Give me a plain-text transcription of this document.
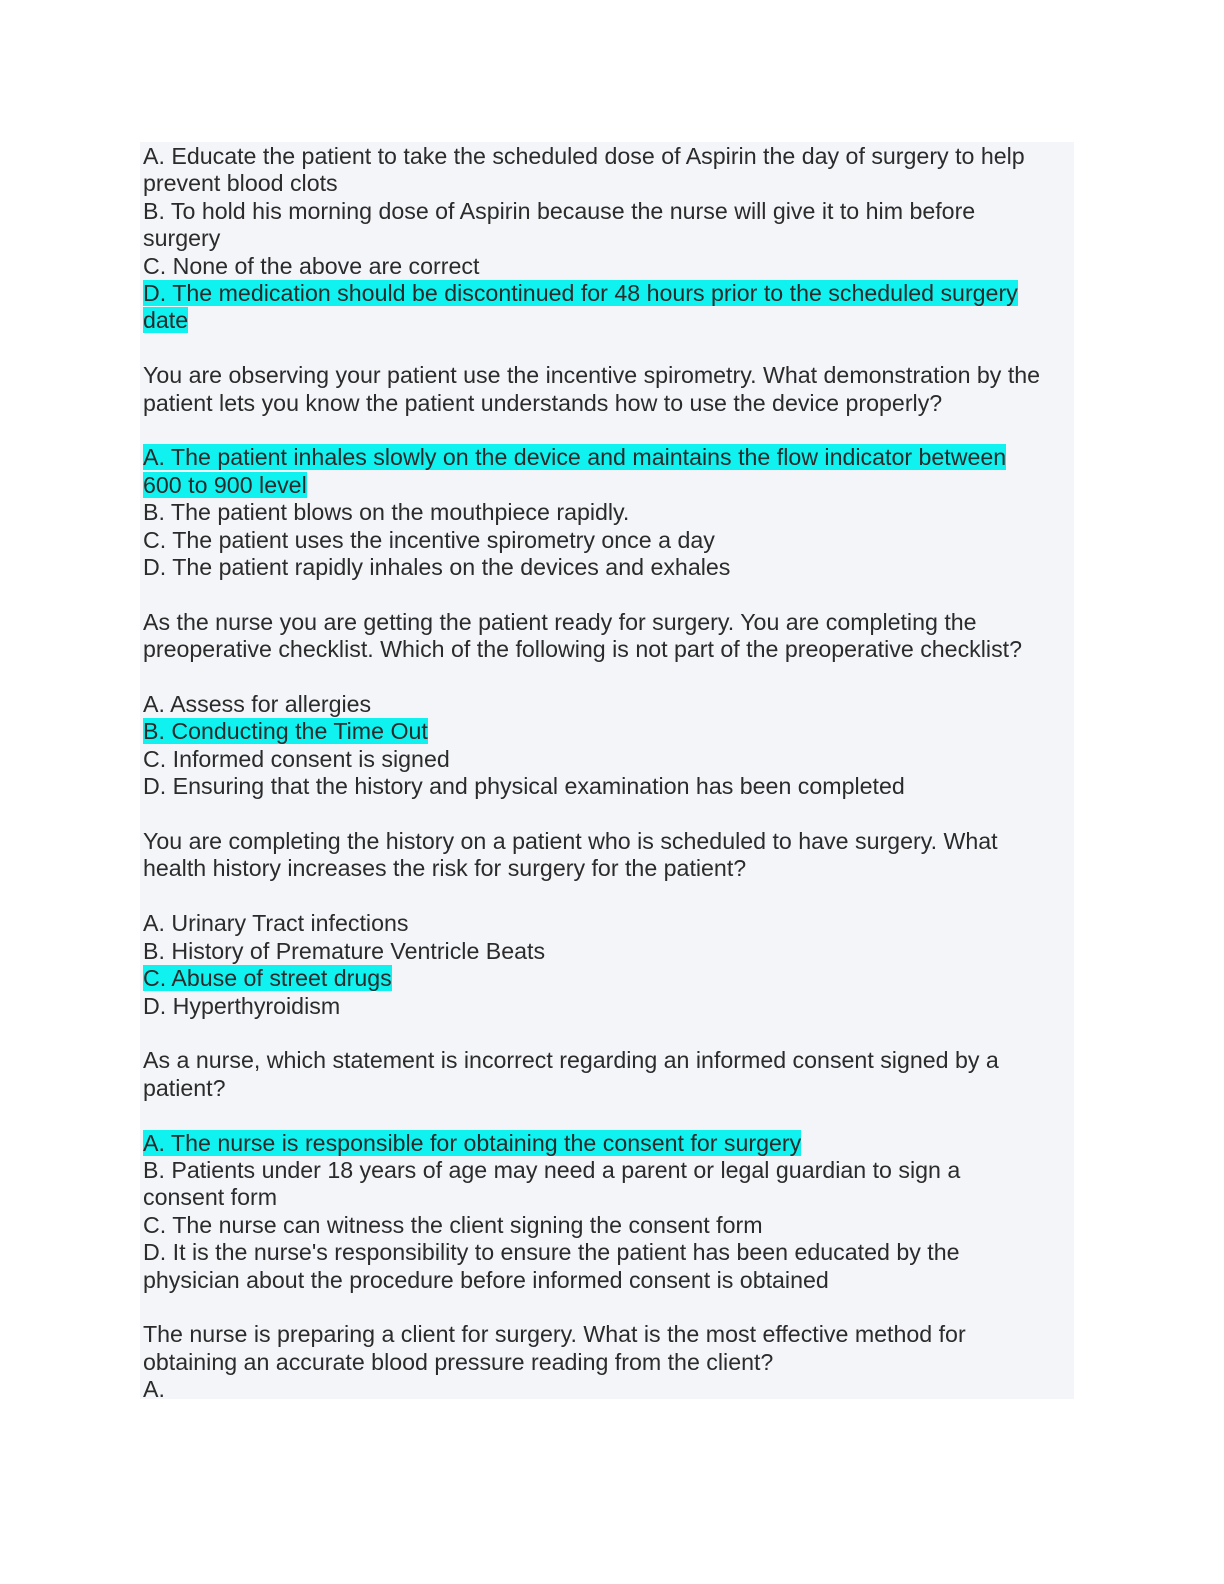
A. Educate the patient to take the scheduled dose of Aspirin the day of surgery to help
prevent blood clots
B. To hold his morning dose of Aspirin because the nurse will give it to him before
surgery
C. None of the above are correct
D. The medication should be discontinued for 48 hours prior to the scheduled surgery
date
You are observing your patient use the incentive spirometry. What demonstration by the
patient lets you know the patient understands how to use the device properly?
A. The patient inhales slowly on the device and maintains the flow indicator between
600 to 900 level
B. The patient blows on the mouthpiece rapidly.
C. The patient uses the incentive spirometry once a day
D. The patient rapidly inhales on the devices and exhales
As the nurse you are getting the patient ready for surgery. You are completing the
preoperative checklist. Which of the following is not part of the preoperative checklist?
A. Assess for allergies
B. Conducting the Time Out
C. Informed consent is signed
D. Ensuring that the history and physical examination has been completed
You are completing the history on a patient who is scheduled to have surgery. What
health history increases the risk for surgery for the patient?
A. Urinary Tract infections
B. History of Premature Ventricle Beats
C. Abuse of street drugs
D. Hyperthyroidism
As a nurse, which statement is incorrect regarding an informed consent signed by a
patient?
A. The nurse is responsible for obtaining the consent for surgery
B. Patients under 18 years of age may need a parent or legal guardian to sign a
consent form
C. The nurse can witness the client signing the consent form
D. It is the nurse's responsibility to ensure the patient has been educated by the
physician about the procedure before informed consent is obtained
The nurse is preparing a client for surgery. What is the most effective method for
obtaining an accurate blood pressure reading from the client?
A.
